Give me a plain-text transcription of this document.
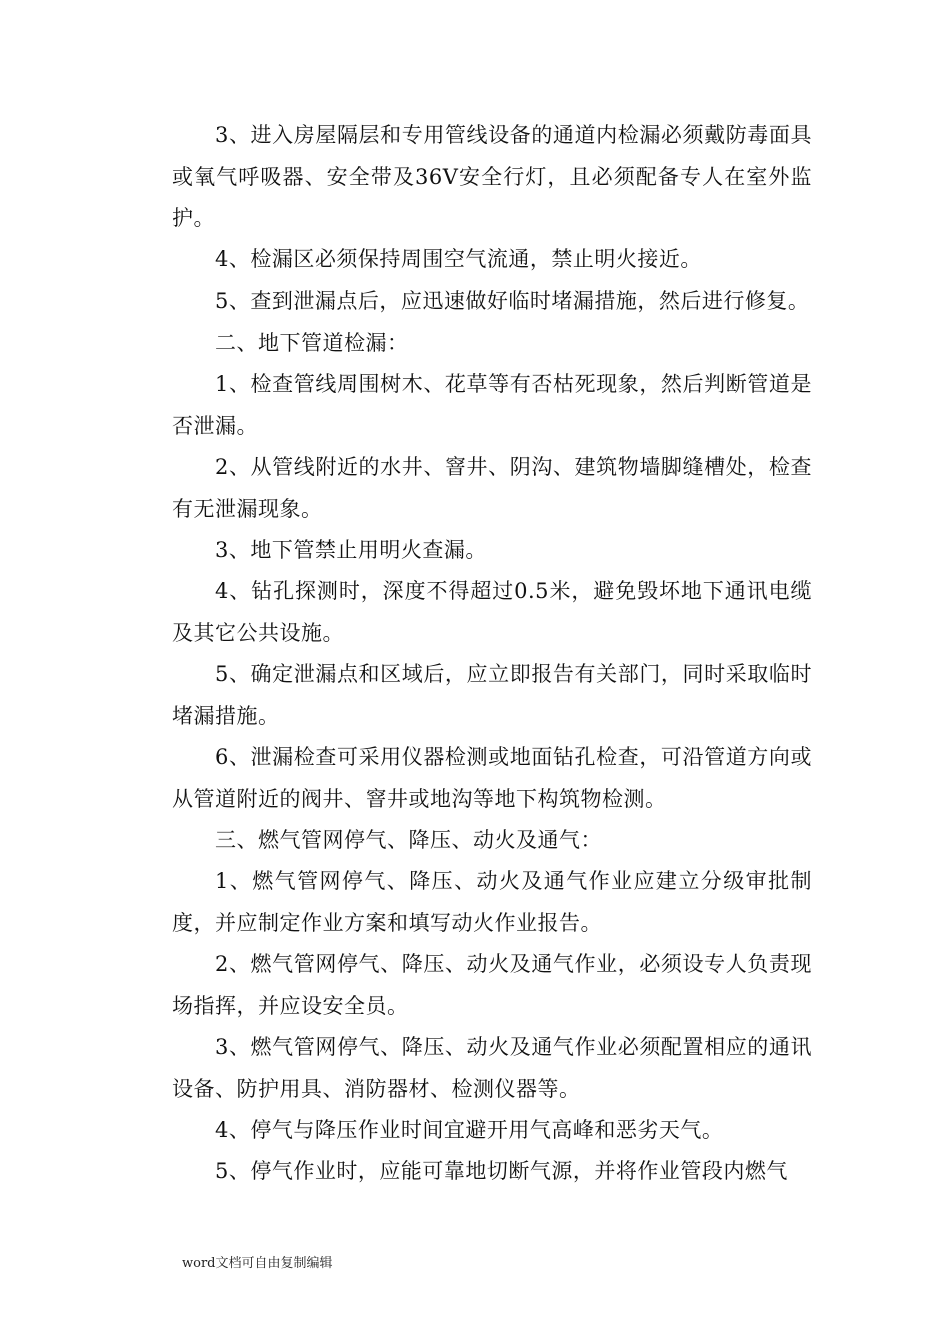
3、进入房屋隔层和专用管线设备的通道内检漏必须戴防毒面具或氧气呼吸器、安全带及36V安全行灯，且必须配备专人在室外监护。

4、检漏区必须保持周围空气流通，禁止明火接近。

5、查到泄漏点后，应迅速做好临时堵漏措施，然后进行修复。

二、地下管道检漏：

1、检查管线周围树木、花草等有否枯死现象，然后判断管道是否泄漏。

2、从管线附近的水井、窨井、阴沟、建筑物墙脚缝槽处，检查有无泄漏现象。

3、地下管禁止用明火查漏。

4、钻孔探测时，深度不得超过0.5米，避免毁坏地下通讯电缆及其它公共设施。

5、确定泄漏点和区域后，应立即报告有关部门，同时采取临时堵漏措施。

6、泄漏检查可采用仪器检测或地面钻孔检查，可沿管道方向或从管道附近的阀井、窨井或地沟等地下构筑物检测。

三、燃气管网停气、降压、动火及通气：

1、燃气管网停气、降压、动火及通气作业应建立分级审批制度，并应制定作业方案和填写动火作业报告。

2、燃气管网停气、降压、动火及通气作业，必须设专人负责现场指挥，并应设安全员。

3、燃气管网停气、降压、动火及通气作业必须配置相应的通讯设备、防护用具、消防器材、检测仪器等。

4、停气与降压作业时间宜避开用气高峰和恶劣天气。

5、停气作业时，应能可靠地切断气源，并将作业管段内燃气

word文档可自由复制编辑
